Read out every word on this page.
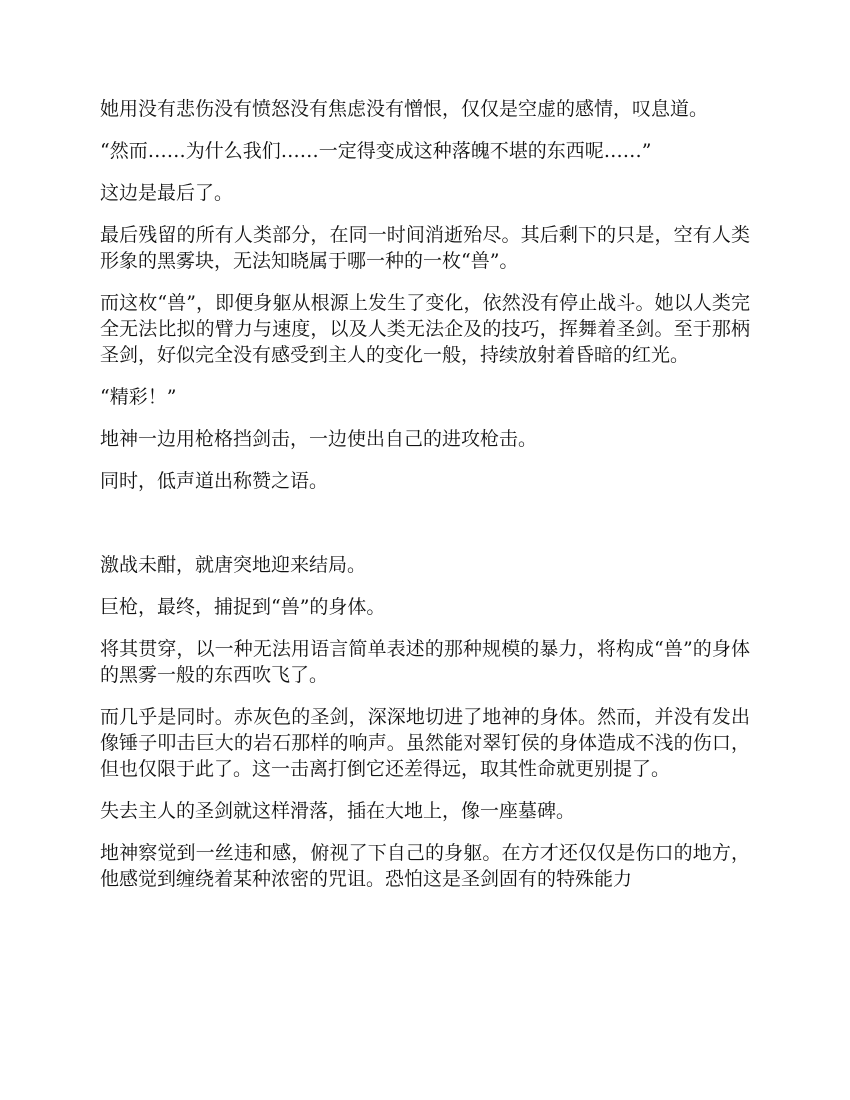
她用没有悲伤没有愤怒没有焦虑没有憎恨，仅仅是空虚的感情，叹息道。

“然而……为什么我们……一定得变成这种落魄不堪的东西呢……”

这边是最后了。

最后残留的所有人类部分，在同一时间消逝殆尽。其后剩下的只是，空有人类形象的黑雾块，无法知晓属于哪一种的一枚“兽”。

而这枚“兽”，即便身躯从根源上发生了变化，依然没有停止战斗。她以人类完全无法比拟的臂力与速度，以及人类无法企及的技巧，挥舞着圣剑。至于那柄圣剑，好似完全没有感受到主人的变化一般，持续放射着昏暗的红光。

“精彩！”

地神一边用枪格挡剑击，一边使出自己的进攻枪击。

同时，低声道出称赞之语。

激战未酣，就唐突地迎来结局。

巨枪，最终，捕捉到“兽”的身体。

将其贯穿，以一种无法用语言简单表述的那种规模的暴力，将构成“兽”的身体的黑雾一般的东西吹飞了。

而几乎是同时。赤灰色的圣剑，深深地切进了地神的身体。然而，并没有发出像锤子叩击巨大的岩石那样的响声。虽然能对翠钉侯的身体造成不浅的伤口，但也仅限于此了。这一击离打倒它还差得远，取其性命就更别提了。

失去主人的圣剑就这样滑落，插在大地上，像一座墓碑。

地神察觉到一丝违和感，俯视了下自己的身躯。在方才还仅仅是伤口的地方，他感觉到缠绕着某种浓密的咒诅。恐怕这是圣剑固有的特殊能力
